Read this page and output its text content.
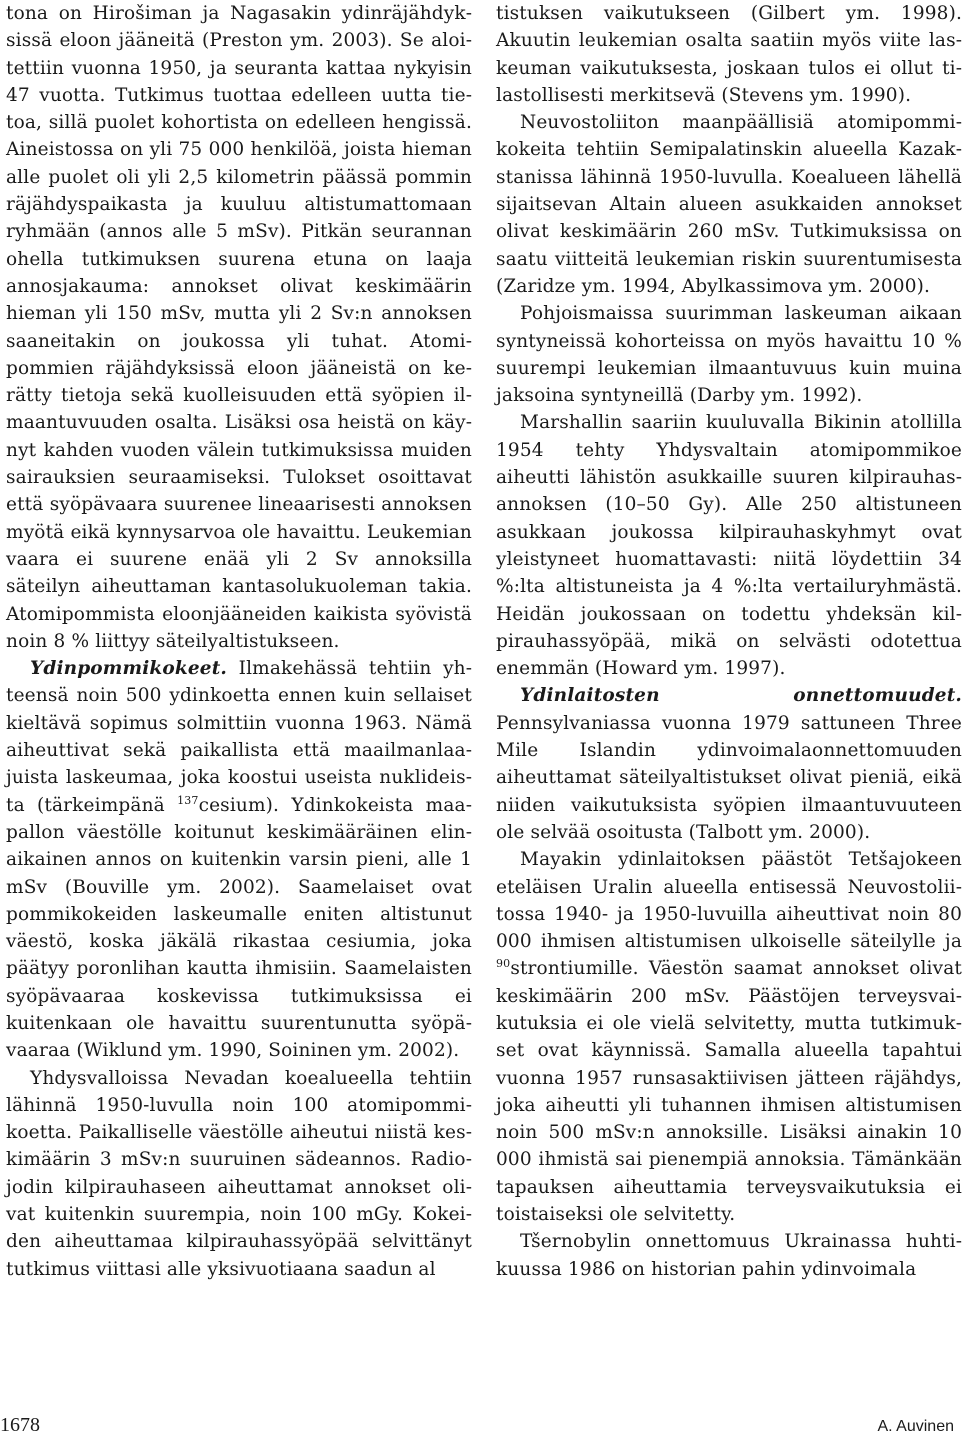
tona on Hirošiman ja Nagasakin ydinräjähdyksissä eloon jääneitä (Preston ym. 2003). Se aloitettiin vuonna 1950, ja seuranta kattaa nykyisin 47 vuotta. Tutkimus tuottaa edelleen uutta tietoa, sillä puolet kohortista on edelleen hengissä. Aineistossa on yli 75 000 henkilöä, joista hieman alle puolet oli yli 2,5 kilometrin päässä pommin räjähdyspaikasta ja kuuluu altistumattomaan ryhmään (annos alle 5 mSv). Pitkän seurannan ohella tutkimuksen suurena etuna on laaja annosjakauma: annokset olivat keskimäärin hieman yli 150 mSv, mutta yli 2 Sv:n annoksen saaneitakin on joukossa yli tuhat. Atomipommien räjähdyksissä eloon jääneistä on kerätty tietoja sekä kuolleisuuden että syöpien ilmaantuvuuden osalta. Lisäksi osa heistä on käynyt kahden vuoden välein tutkimuksissa muiden sairauksien seuraamiseksi. Tulokset osoittavat että syöpävaara suurenee lineaarisesti annoksen myötä eikä kynnysarvoa ole havaittu. Leukemian vaara ei suurene enää yli 2 Sv annoksilla säteilyn aiheuttaman kantasolukuoleman takia. Atomipommista eloonjääneiden kaikista syövistä noin 8 % liittyy säteilyaltistukseen.

Ydinpommikokeet. Ilmakehässä tehtiin yhteensä noin 500 ydinkoetta ennen kuin sellaiset kieltävä sopimus solmittiin vuonna 1963. Nämä aiheuttivat sekä paikallista että maailmanlaajuista laskeumaa, joka koostui useista nuklideista (tärkeimpänä $^{137}$cesium). Ydinkokeista maapallon väestölle koitunut keskimääräinen elinaikainen annos on kuitenkin varsin pieni, alle 1 mSv (Bouville ym. 2002). Saamelaiset ovat pommikokeiden laskeumalle eniten altistunut väestö, koska jäkälä rikastaa cesiumia, joka päätyy poronlihan kautta ihmisiin. Saamelaisten syöpävaaraa koskevissa tutkimuksissa ei kuitenkaan ole havaittu suurentunutta syöpävaaraa (Wiklund ym. 1990, Soininen ym. 2002).

Yhdysvalloissa Nevadan koealueella tehtiin lähinnä 1950-luvulla noin 100 atomipommikoetta. Paikalliselle väestölle aiheutui niistä keskimäärin 3 mSv:n suuruinen sädeannos. Radiojodin kilpirauhaseen aiheuttamat annokset olivat kuitenkin suurempia, noin 100 mGy. Kokeiden aiheuttamaa kilpirauhassyöpää selvittänyt tutkimus viittasi alle yksivuotiaana saadun al

tistuksen vaikutukseen (Gilbert ym. 1998). Akuutin leukemian osalta saatiin myös viite laskeuman vaikutuksesta, joskaan tulos ei ollut tilastollisesti merkitsevä (Stevens ym. 1990).

Neuvostoliiton maanpäällisiä atomipommikokeita tehtiin Semipalatinskin alueella Kazakstanissa lähinnä 1950-luvulla. Koealueen lähellä sijaitsevan Altain alueen asukkaiden annokset olivat keskimäärin 260 mSv. Tutkimuksissa on saatu viitteitä leukemian riskin suurentumisesta (Zaridze ym. 1994, Abylkassimova ym. 2000).

Pohjoismaissa suurimman laskeuman aikaan syntyneissä kohorteissa on myös havaittu 10 % suurempi leukemian ilmaantuvuus kuin muina jaksoina syntyneillä (Darby ym. 1992).

Marshallin saariin kuuluvalla Bikinin atollilla 1954 tehty Yhdysvaltain atomipommikoe aiheutti lähistön asukkaille suuren kilpirauhasannoksen (10–50 Gy). Alle 250 altistuneen asukkaan joukossa kilpirauhaskyhmyt ovat yleistyneet huomattavasti: niitä löydettiin 34 %:lta altistuneista ja 4 %:lta vertailuryhmästä. Heidän joukossaan on todettu yhdeksän kilpirauhassyöpää, mikä on selvästi odotettua enemmän (Howard ym. 1997).

Ydinlaitosten onnettomuudet. Pennsylvaniassa vuonna 1979 sattuneen Three Mile Islandin ydinvoimalaonnettomuuden aiheuttamat säteilyaltistukset olivat pieniä, eikä niiden vaikutuksista syöpien ilmaantuvuuteen ole selvää osoitusta (Talbott ym. 2000).

Mayakin ydinlaitoksen päästöt Tetšajokeen eteläisen Uralin alueella entisessä Neuvostoliitossa 1940- ja 1950-luvuilla aiheuttivat noin 80 000 ihmisen altistumisen ulkoiselle säteilylle ja $^{90}$strontiumille. Väestön saamat annokset olivat keskimäärin 200 mSv. Päästöjen terveysvaikutuksia ei ole vielä selvitetty, mutta tutkimukset ovat käynnissä. Samalla alueella tapahtui vuonna 1957 runsasaktiivisen jätteen räjähdys, joka aiheutti yli tuhannen ihmisen altistumisen noin 500 mSv:n annoksille. Lisäksi ainakin 10 000 ihmistä sai pienempiä annoksia. Tämänkään tapauksen aiheuttamia terveysvaikutuksia ei toistaiseksi ole selvitetty.

Tšernobylin onnettomuus Ukrainassa huhtikuussa 1986 on historian pahin ydinvoimala

1678	A. Auvinen
